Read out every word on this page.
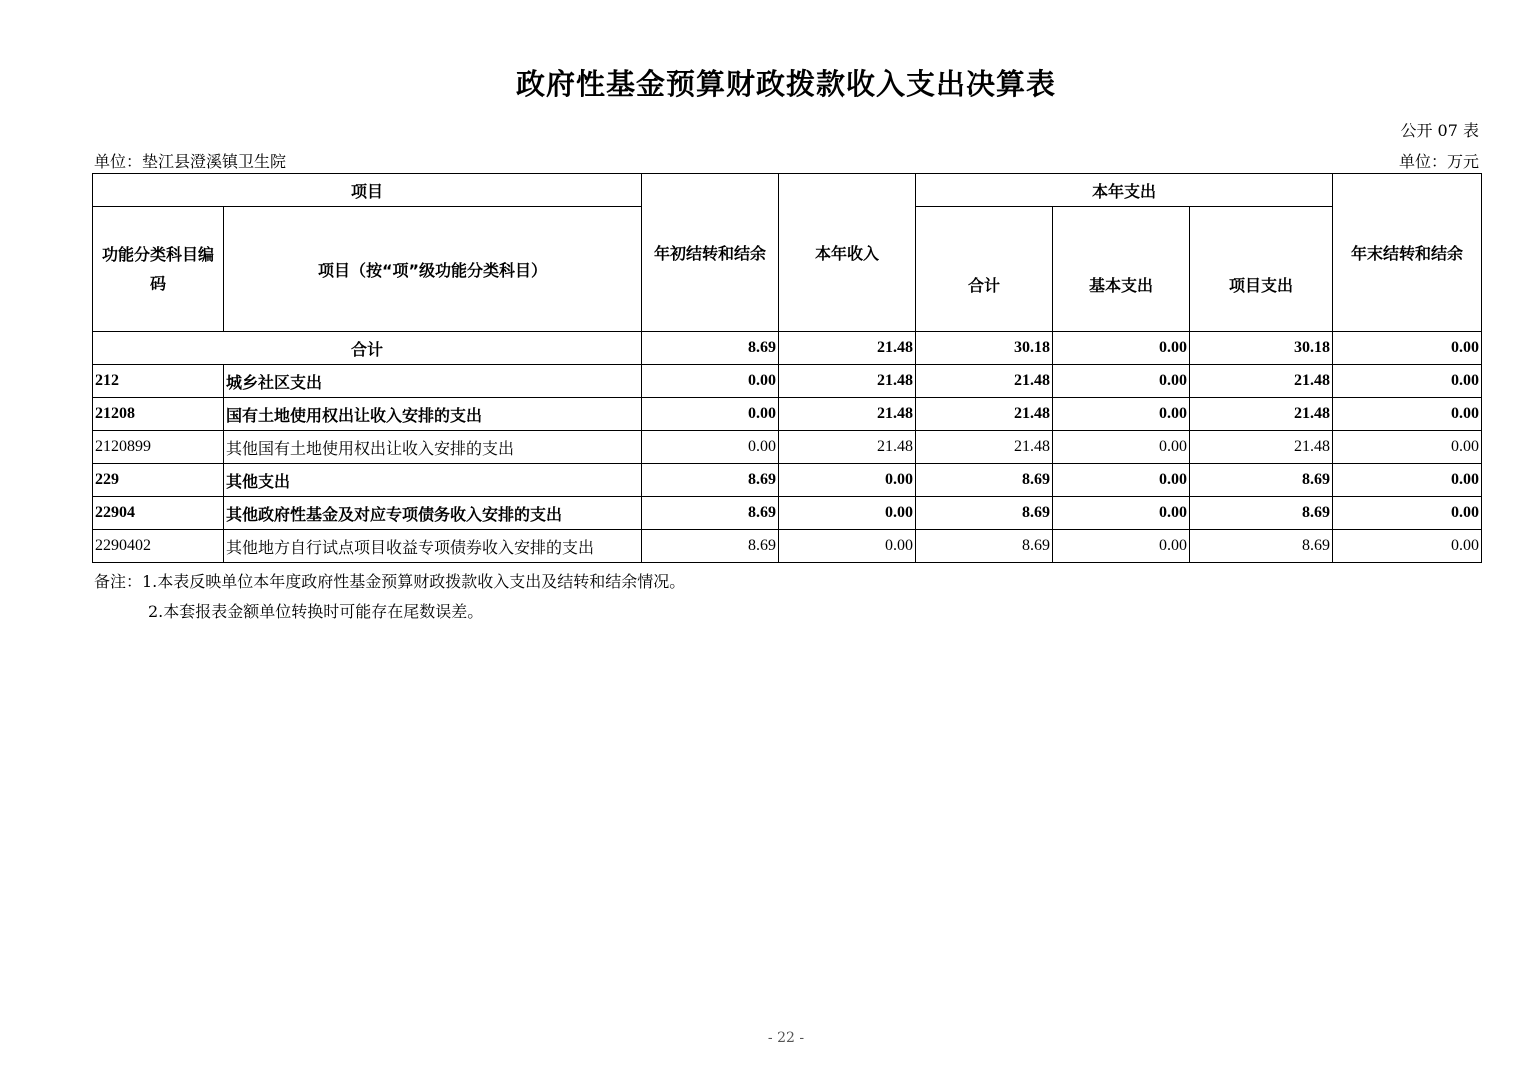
政府性基金预算财政拨款收入支出决算表
公开 07 表
单位：垫江县澄溪镇卫生院	单位：万元
项目		年初结转和结余	本年收入	本年支出			年末结转和结余
功能分类科目编码	项目（按“项”级功能分类科目）			合计	基本支出	项目支出	
合计		8.69	21.48	30.18	0.00	30.18	0.00
212	城乡社区支出	0.00	21.48	21.48	0.00	21.48	0.00
21208	国有土地使用权出让收入安排的支出	0.00	21.48	21.48	0.00	21.48	0.00
2120899	其他国有土地使用权出让收入安排的支出	0.00	21.48	21.48	0.00	21.48	0.00
229	其他支出	8.69	0.00	8.69	0.00	8.69	0.00
22904	其他政府性基金及对应专项债务收入安排的支出	8.69	0.00	8.69	0.00	8.69	0.00
2290402	其他地方自行试点项目收益专项债券收入安排的支出	8.69	0.00	8.69	0.00	8.69	0.00
备注：1.本表反映单位本年度政府性基金预算财政拨款收入支出及结转和结余情况。
2.本套报表金额单位转换时可能存在尾数误差。
- 22 -
